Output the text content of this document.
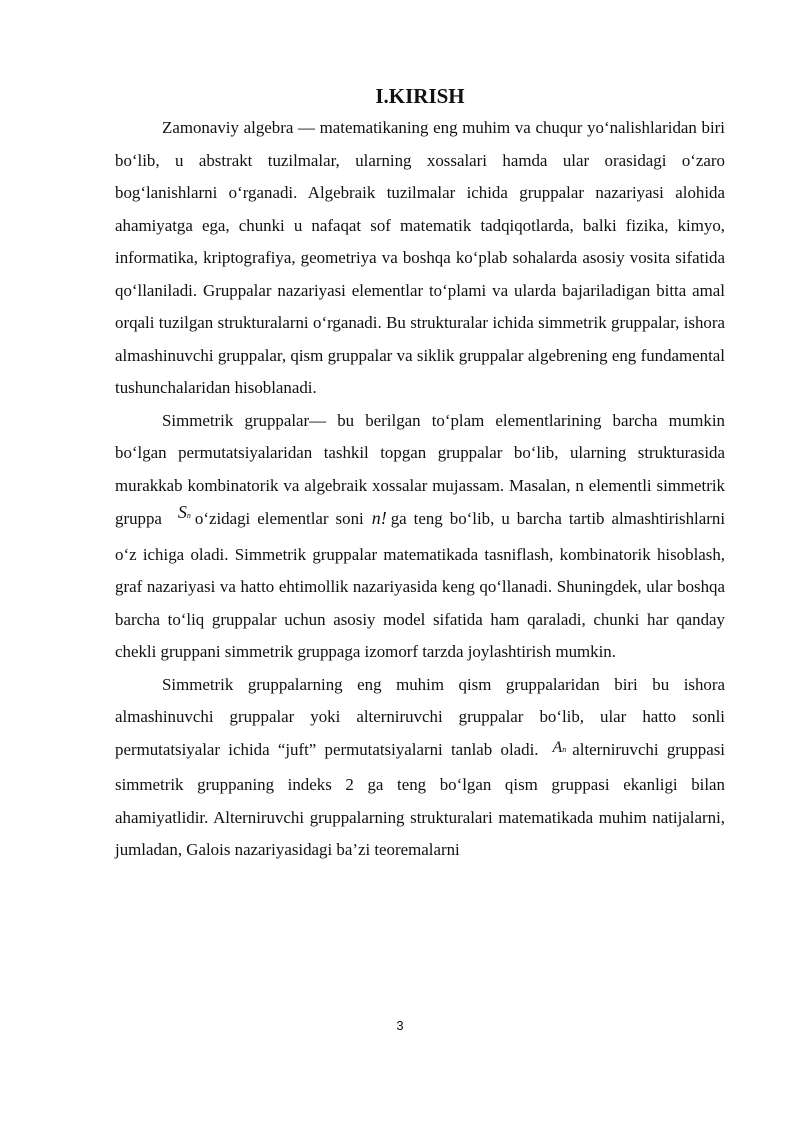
I.KIRISH

Zamonaviy algebra — matematikaning eng muhim va chuqur yo‘nalishlaridan biri bo‘lib, u abstrakt tuzilmalar, ularning xossalari hamda ular orasidagi o‘zaro bog‘lanishlarni o‘rganadi. Algebraik tuzilmalar ichida gruppalar nazariyasi alohida ahamiyatga ega, chunki u nafaqat sof matematik tadqiqotlarda, balki fizika, kimyo, informatika, kriptografiya, geometriya va boshqa ko‘plab sohalarda asosiy vosita sifatida qo‘llaniladi. Gruppalar nazariyasi elementlar to‘plami va ularda bajariladigan bitta amal orqali tuzilgan strukturalarni o‘rganadi. Bu strukturalar ichida simmetrik gruppalar, ishora almashinuvchi gruppalar, qism gruppalar va siklik gruppalar algebrening eng fundamental tushunchalaridan hisoblanadi.

Simmetrik gruppalar— bu berilgan to‘plam elementlarining barcha mumkin bo‘lgan permutatsiyalaridan tashkil topgan gruppalar bo‘lib, ularning strukturasida murakkab kombinatorik va algebraik xossalar mujassam. Masalan, n elementli simmetrik gruppa Sn o‘zidagi elementlar soni n! ga teng bo‘lib, u barcha tartib almashtirishlarni o‘z ichiga oladi. Simmetrik gruppalar matematikada tasniflash, kombinatorik hisoblash, graf nazariyasi va hatto ehtimollik nazariyasida keng qo‘llanadi. Shuningdek, ular boshqa barcha to‘liq gruppalar uchun asosiy model sifatida ham qaraladi, chunki har qanday chekli gruppani simmetrik gruppaga izomorf tarzda joylashtirish mumkin.

Simmetrik gruppalarning eng muhim qism gruppalaridan biri bu ishora almashinuvchi gruppalar yoki alterniruvchi gruppalar bo‘lib, ular hatto sonli permutatsiyalar ichida “juft” permutatsiyalarni tanlab oladi. An alterniruvchi gruppasi simmetrik gruppaning indeks 2 ga teng bo‘lgan qism gruppasi ekanligi bilan ahamiyatlidir. Alterniruvchi gruppalarning strukturalari matematikada muhim natijalarni, jumladan, Galois nazariyasidagi ba’zi teoremalarni

3
